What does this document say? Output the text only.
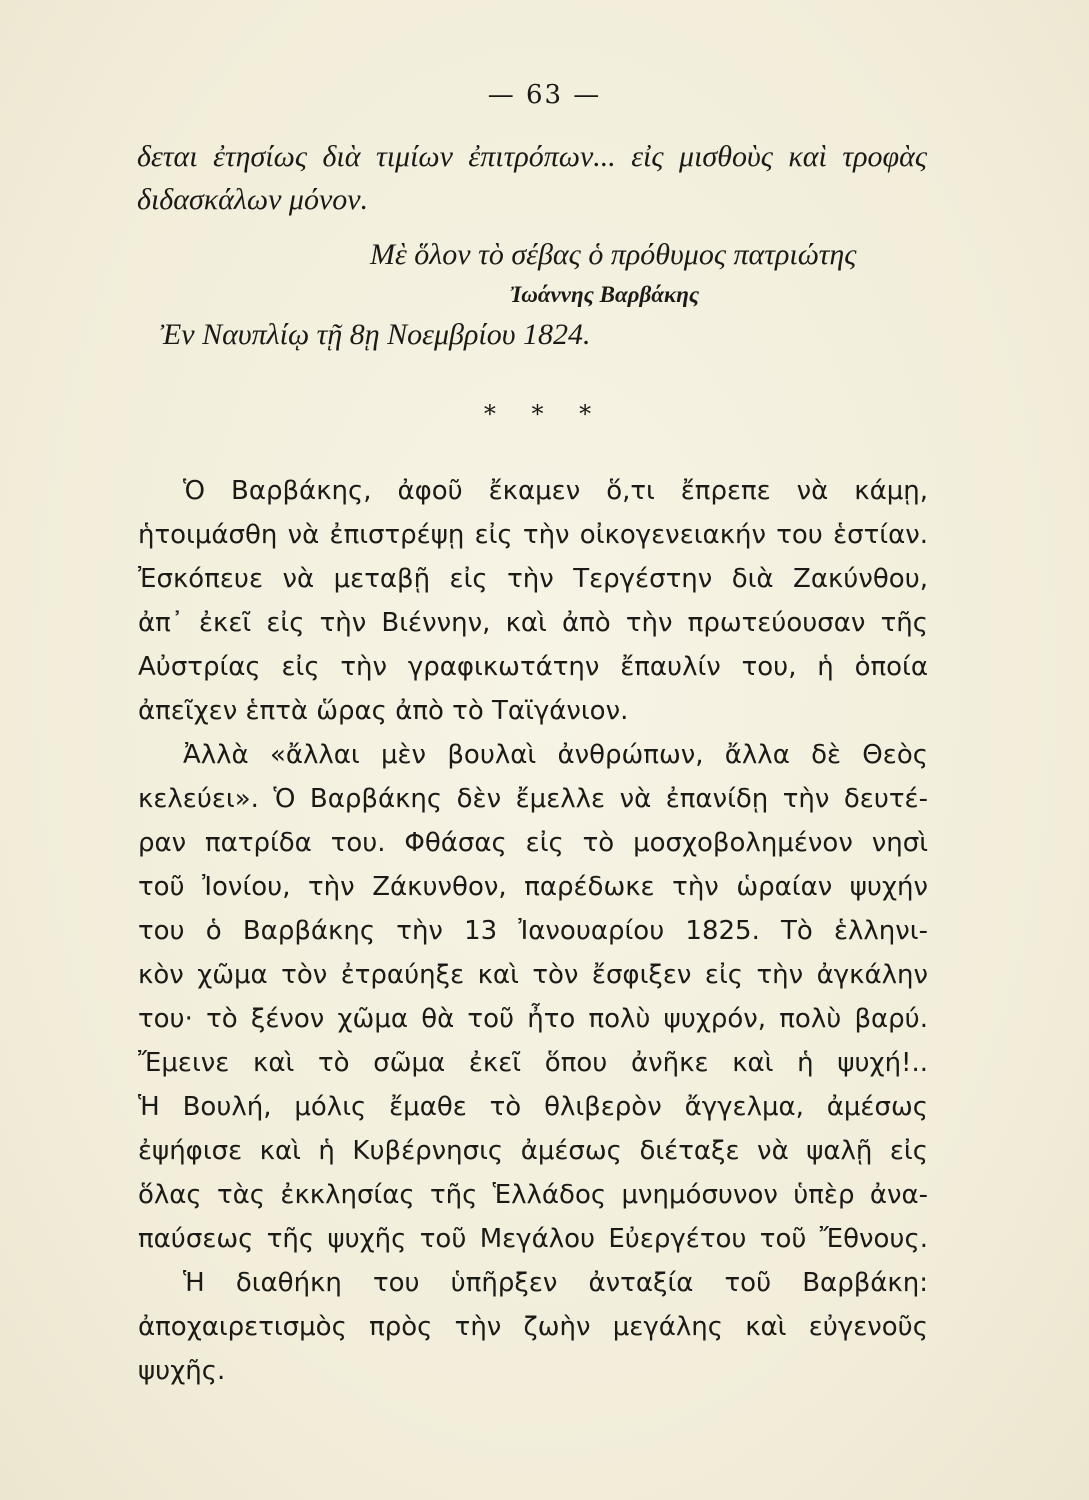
— 63 —

δεται ἐτησίως διὰ τιμίων ἐπιτρόπων... εἰς μισθοὺς καὶ τροφὰς

διδασκάλων μόνον.

Μὲ ὅλον τὸ σέβας ὁ πρόθυμος πατριώτης

Ἰωάννης Βαρβάκης

Ἐν Ναυπλίῳ τῇ 8ῃ Νοεμβρίου 1824.

* * *

Ὁ Βαρβάκης, ἀφοῦ ἔκαμεν ὅ,τι ἔπρεπε νὰ κάμῃ,

ἡτοιμάσθη νὰ ἐπιστρέψῃ εἰς τὴν οἰκογενειακήν του ἑστίαν.

Ἐσκόπευε νὰ μεταβῇ εἰς τὴν Τεργέστην διὰ Ζακύνθου,

ἀπ᾽ ἐκεῖ εἰς τὴν Βιέννην, καὶ ἀπὸ τὴν πρωτεύουσαν τῆς

Αὐστρίας εἰς τὴν γραφικωτάτην ἔπαυλίν του, ἡ ὁποία

ἀπεῖχεν ἑπτὰ ὥρας ἀπὸ τὸ Ταϊγάνιον.

Ἀλλὰ «ἄλλαι μὲν βουλαὶ ἀνθρώπων, ἄλλα δὲ Θεὸς

κελεύει». Ὁ Βαρβάκης δὲν ἔμελλε νὰ ἐπανίδῃ τὴν δευτέ-

ραν πατρίδα του. Φθάσας εἰς τὸ μοσχοβολημένον νησὶ

τοῦ Ἰονίου, τὴν Ζάκυνθον, παρέδωκε τὴν ὡραίαν ψυχήν

του ὁ Βαρβάκης τὴν 13 Ἰανουαρίου 1825. Τὸ ἑλληνι-

κὸν χῶμα τὸν ἐτραύηξε καὶ τὸν ἔσφιξεν εἰς τὴν ἀγκάλην

του· τὸ ξένον χῶμα θὰ τοῦ ἦτο πολὺ ψυχρόν, πολὺ βαρύ.

Ἔμεινε καὶ τὸ σῶμα ἐκεῖ ὅπου ἀνῆκε καὶ ἡ ψυχή!..

Ἡ Βουλή, μόλις ἔμαθε τὸ θλιβερὸν ἄγγελμα, ἀμέσως

ἐψήφισε καὶ ἡ Κυβέρνησις ἀμέσως διέταξε νὰ ψαλῇ εἰς

ὅλας τὰς ἐκκλησίας τῆς Ἑλλάδος μνημόσυνον ὑπὲρ ἀνα-

παύσεως τῆς ψυχῆς τοῦ Μεγάλου Εὐεργέτου τοῦ Ἔθνους.

Ἡ διαθήκη του ὑπῆρξεν ἀνταξία τοῦ Βαρβάκη:

ἀποχαιρετισμὸς πρὸς τὴν ζωὴν μεγάλης καὶ εὐγενοῦς

ψυχῆς.
